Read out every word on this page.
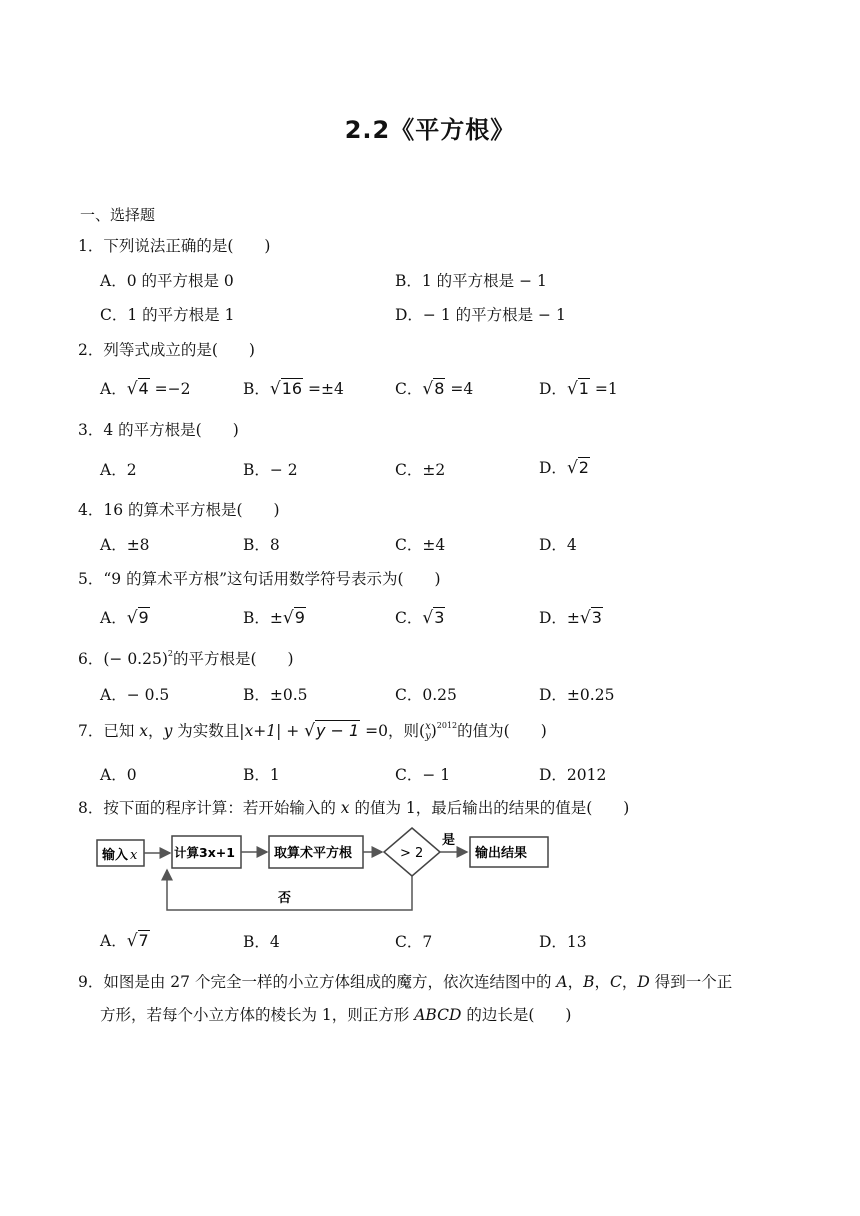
2.2《平方根》
一、选择题
1．下列说法正确的是(　　)
A．0 的平方根是 0	B．1 的平方根是 − 1
C．1 的平方根是 1	D．− 1 的平方根是 − 1
2．列等式成立的是(　　)
A．√4 =−2	B．√16 =±4	C．√8 =4	D．√1 =1
3．4 的平方根是(　　)
A．2	B．− 2	C．±2	D．√2
4．16 的算术平方根是(　　)
A．±8	B．8	C．±4	D．4
5．“9 的算术平方根”这句话用数学符号表示为(　　)
A．√9	B．±√9	C．√3	D．±√3
6．(− 0.25)$^2$的平方根是(　　)
A．− 0.5	B．±0.5	C．0.25	D．±0.25
7．已知 x，y 为实数且|x+1| + √y − 1 =0，则( x
y )$^{2012}$的值为(　　)
A．0	B．1	C．− 1	D．2012
8．按下面的程序计算：若开始输入的 x 的值为 1，最后输出的结果的值是(　　)
输入 x	计算3x+1	取算术平方根	> 2
是
输出结果
否
A．√7	B．4	C．7	D．13
9．如图是由 27 个完全一样的小立方体组成的魔方，依次连结图中的 A，B，C，D 得到一个正
方形，若每个小立方体的棱长为 1，则正方形 ABCD 的边长是(　　)
